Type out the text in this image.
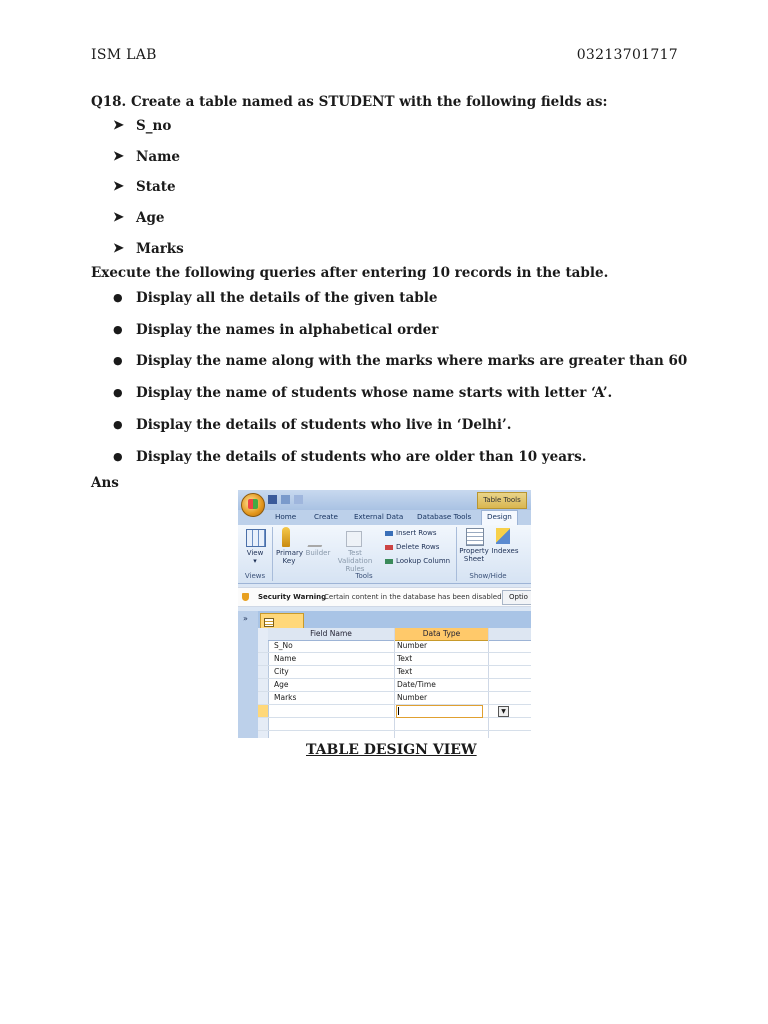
ISM LAB	03213701717
Q18. Create a table named as STUDENT with the following fields as:
➤ S_no
➤ Name
➤ State
➤ Age
➤ Marks
Execute the following queries after entering 10 records in the table.
● Display all the details of the given table
● Display the names in alphabetical order
● Display the name along with the marks where marks are greater than 60
● Display the name of students whose name starts with letter ‘A’.
● Display the details of students who live in ‘Delhi’.
● Display the details of students who are older than 10 years.
Ans
Table Tools
Home Create External Data Database Tools	Design
View
▾
Views
Primary Key
Builder	Test Validation Rules
Insert Rows
Delete Rows
Lookup Column
Tools
Property Sheet
Indexes
Show/Hide
Security Warning
Certain content in the database has been disabled	Optio
»
Field Name	Data Type
S_No	Number
Name	Text
City	Text
Age	Date/Time
Marks	Number
▼
TABLE DESIGN VIEW
